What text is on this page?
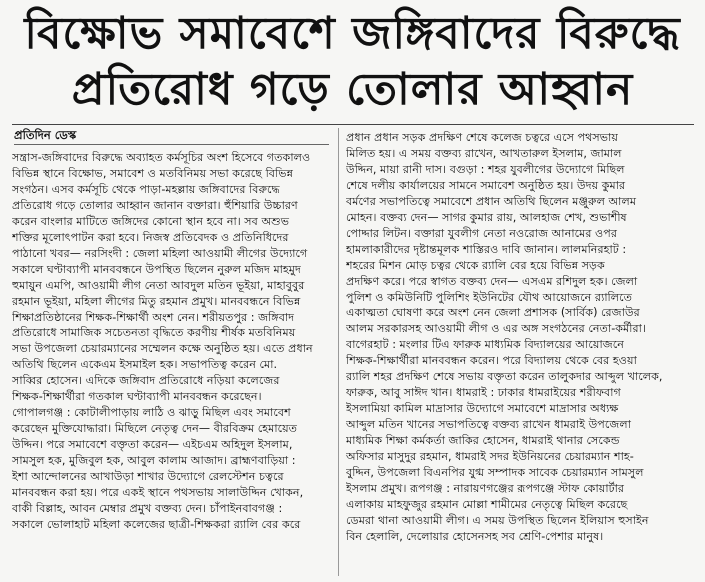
বিক্ষোভ সমাবেশে জঙ্গিবাদের বিরুদ্ধে
প্রতিরোধ গড়ে তোলার আহ্বান
প্রতিদিন ডেস্ক
সন্ত্রাস-জঙ্গিবাদের বিরুদ্ধে অব্যাহত কর্মসূচির অংশ হিসেবে গতকালও
বিভিন্ন স্থানে বিক্ষোভ, সমাবেশ ও মতবিনিময় সভা করেছে বিভিন্ন
সংগঠন। এসব কর্মসূচি থেকে পাড়া-মহল্লায় জঙ্গিবাদের বিরুদ্ধে
প্রতিরোধ গড়ে তোলার আহ্বান জানান বক্তারা। হুঁশিয়ারি উচ্চারণ
করেন বাংলার মাটিতে জঙ্গিদের কোনো স্থান হবে না। সব অশুভ
শক্তির মূলোৎপাটন করা হবে। নিজস্ব প্রতিবেদক ও প্রতিনিধিদের
পাঠানো খবর— নরসিংদী : জেলা মহিলা আওয়ামী লীগের উদ্যোগে
সকালে ঘণ্টাব্যাপী মানববন্ধনে উপস্থিত ছিলেন নুরুল মজিদ মাহমুদ
হুমায়ুন এমপি, আওয়ামী লীগ নেতা আবদুল মতিন ভূইয়া, মাহাবুবুর
রহমান ভূইয়া, মহিলা লীগের মিতু রহমান প্রমুখ। মানববন্ধনে বিভিন্ন
শিক্ষাপ্রতিষ্ঠানের শিক্ষক-শিক্ষার্থী অংশ নেন। শরীয়তপুর : জঙ্গিবাদ
প্রতিরোধে সামাজিক সচেতনতা বৃদ্ধিতে করণীয় শীর্ষক মতবিনিময়
সভা উপজেলা চেয়ারম্যানের সম্মেলন কক্ষে অনুষ্ঠিত হয়। এতে প্রধান
অতিথি ছিলেন একেএম ইসমাইল হক। সভাপতিত্ব করেন মো.
সাব্বির হোসেন। এদিকে জঙ্গিবাদ প্রতিরোধে নড়িয়া কলেজের
শিক্ষক-শিক্ষার্থীরা গতকাল ঘণ্টাব্যাপী মানববন্ধন করেছেন।
গোপালগঞ্জ : কোটালীপাড়ায় লাঠি ও ঝাড়ু মিছিল এবং সমাবেশ
করেছেন মুক্তিযোদ্ধারা। মিছিলে নেতৃত্ব দেন— বীরবিক্রম হেমায়েত
উদ্দিন। পরে সমাবেশে বক্তৃতা করেন— এইচএম অহিদুল ইসলাম,
সামসুল হক, মুজিবুল হক, আবুল কালাম আজাদ। ব্রাহ্মণবাড়িয়া :
ইশা আন্দোলনের আখাউড়া শাখার উদ্যোগে রেলস্টেশন চত্বরে
মানববন্ধন করা হয়। পরে একই স্থানে পথসভায় সালাউদ্দিন খোকন,
বাকী বিল্লাহ, আবন মেম্বার প্রমুখ বক্তব্য দেন। চাঁপাইনবাবগঞ্জ :
সকালে ভোলাহাট মহিলা কলেজের ছাত্রী-শিক্ষকরা র‌্যালি বের করে
প্রধান প্রধান সড়ক প্রদক্ষিণ শেষে কলেজ চত্বরে এসে পথসভায়
মিলিত হয়। এ সময় বক্তব্য রাখেন, আখতারুল ইসলাম, জামাল
উদ্দিন, মায়া রানী দাস। বগুড়া : শহর যুবলীগের উদ্যোগে মিছিল
শেষে দলীয় কার্যালয়ের সামনে সমাবেশ অনুষ্ঠিত হয়। উদয় কুমার
বর্মণের সভাপতিত্বে সমাবেশে প্রধান অতিথি ছিলেন মঞ্জুরুল আলম
মোহন। বক্তব্য দেন— সাগর কুমার রায়, আলহাজ শেখ, শুভাশীষ
পোদ্দার লিটন। বক্তারা যুবলীগ নেতা নওরোজ আনামের ওপর
হামলাকারীদের দৃষ্টান্তমূলক শাস্তিরও দাবি জানান। লালমনিরহাট :
শহরের মিশন মোড় চত্বর থেকে র‌্যালি বের হয়ে বিভিন্ন সড়ক
প্রদক্ষিণ করে। পরে স্বাগত বক্তব্য দেন— এসএম রশিদুল হক। জেলা
পুলিশ ও কমিউনিটি পুলিশিং ইউনিটের যৌথ আয়োজনে র‌্যালিতে
একাত্মতা ঘোষণা করে অংশ নেন জেলা প্রশাসক (সার্বিক) রেজাউর
আলম সরকারসহ আওয়ামী লীগ ও এর অঙ্গ সংগঠনের নেতা-কর্মীরা।
বাগেরহাট : মংলার টিএ ফারুক মাধ্যমিক বিদ্যালয়ের আয়োজনে
শিক্ষক-শিক্ষার্থীরা মানববন্ধন করেন। পরে বিদ্যালয় থেকে বের হওয়া
র‌্যালি শহর প্রদক্ষিণ শেষে সভায় বক্তৃতা করেন তালুকদার আব্দুল খালেক,
ফারুক, আবু সাঈদ খান। ধামরাই : ঢাকার ধামরাইয়ের শরীফবাগ
ইসলামিয়া কামিল মাদ্রাসার উদ্যোগে সমাবেশে মাদ্রাসার অধ্যক্ষ
আব্দুল মতিন খানের সভাপতিত্বে বক্তব্য রাখেন ধামরাই উপজেলা
মাধ্যমিক শিক্ষা কর্মকর্তা জাকির হোসেন, ধামরাই থানার সেকেন্ড
অফিসার মাসুদুর রহমান, ধামরাই সদর ইউনিয়নের চেয়ারম্যান শাহ-
বুদ্দিন, উপজেলা বিএনপির যুগ্ম সম্পাদক সাবেক চেয়ারম্যান সামসুল
ইসলাম প্রমুখ। রূপগঞ্জ : নারায়ণগঞ্জের রূপগঞ্জে স্টাফ কোয়ার্টার
এলাকায় মাহফুজুর রহমান মোল্লা শামীমের নেতৃত্বে মিছিল করেছে
ডেমরা থানা আওয়ামী লীগ। এ সময় উপস্থিত ছিলেন ইলিয়াস হুসাইন
বিন হেলালি, দেলোয়ার হোসেনসহ সব শ্রেণি-পেশার মানুষ।
